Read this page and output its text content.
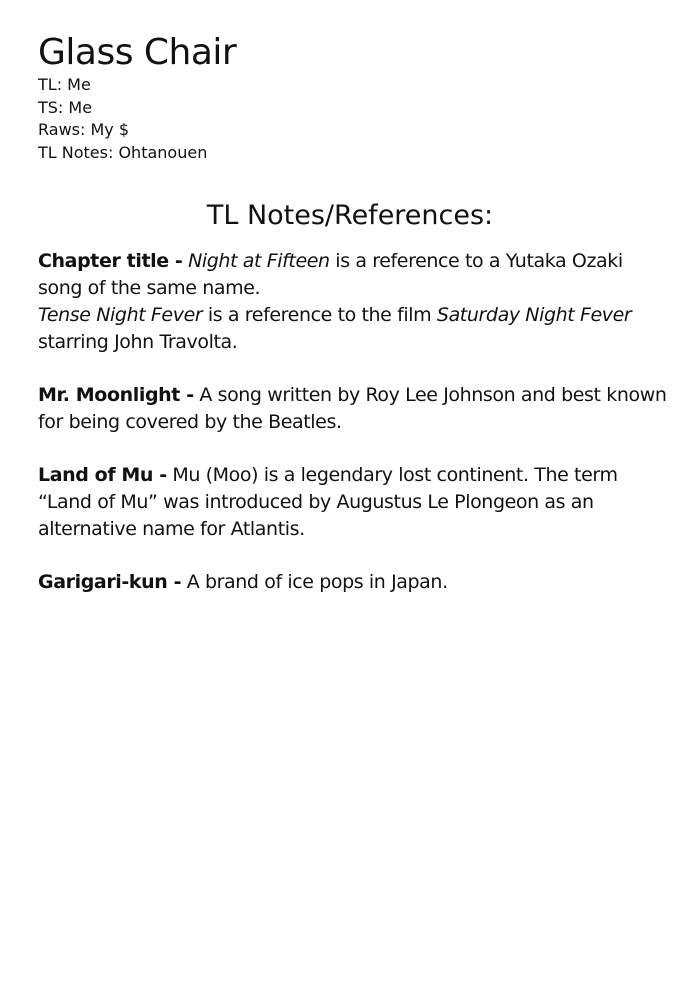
Glass Chair
TL: Me
TS: Me
Raws: My $
TL Notes: Ohtanouen
TL Notes/References:
Chapter title - Night at Fifteen is a reference to a Yutaka Ozaki
song of the same name.
Tense Night Fever is a reference to the film Saturday Night Fever
starring John Travolta.
Mr. Moonlight - A song written by Roy Lee Johnson and best known
for being covered by the Beatles.
Land of Mu - Mu (Moo) is a legendary lost continent. The term
“Land of Mu” was introduced by Augustus Le Plongeon as an
alternative name for Atlantis.
Garigari-kun - A brand of ice pops in Japan.
